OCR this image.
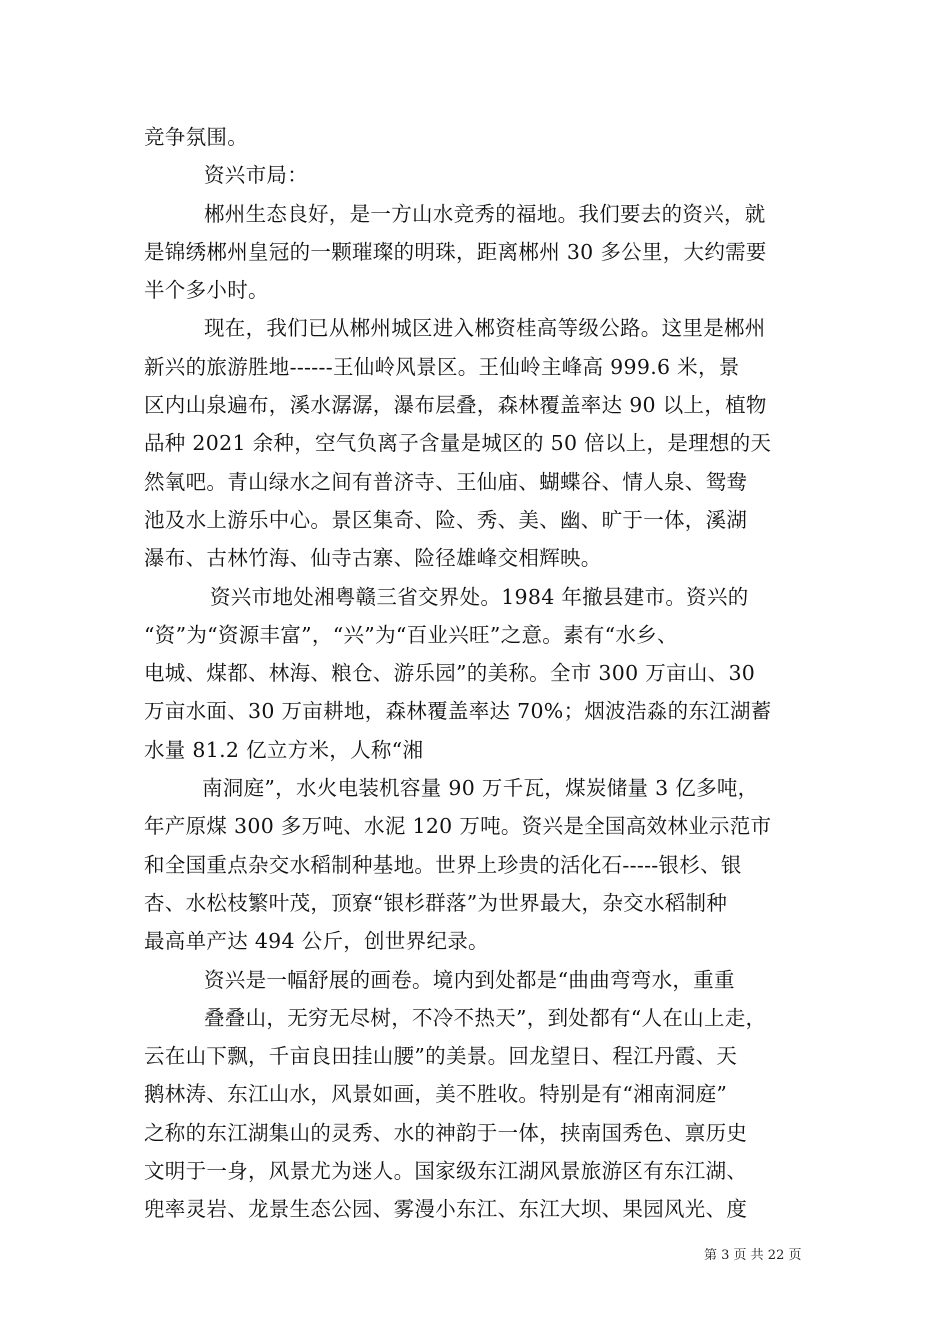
竞争氛围。
资兴市局：
郴州生态良好，是一方山水竞秀的福地。我们要去的资兴，就
是锦绣郴州皇冠的一颗璀璨的明珠，距离郴州 30 多公里，大约需要
半个多小时。
现在，我们已从郴州城区进入郴资桂高等级公路。这里是郴州
新兴的旅游胜地------王仙岭风景区。王仙岭主峰高 999.6 米，景
区内山泉遍布，溪水潺潺，瀑布层叠，森林覆盖率达 90 以上，植物
品种 2021 余种，空气负离子含量是城区的 50 倍以上，是理想的天
然氧吧。青山绿水之间有普济寺、王仙庙、蝴蝶谷、情人泉、鸳鸯
池及水上游乐中心。景区集奇、险、秀、美、幽、旷于一体，溪湖
瀑布、古林竹海、仙寺古寨、险径雄峰交相辉映。
资兴市地处湘粤赣三省交界处。1984 年撤县建市。资兴的
“资”为“资源丰富”，“兴”为“百业兴旺”之意。素有“水乡、
电城、煤都、林海、粮仓、游乐园”的美称。全市 300 万亩山、30
万亩水面、30 万亩耕地，森林覆盖率达 70%；烟波浩淼的东江湖蓄
水量 81.2 亿立方米，人称“湘
南洞庭”，水火电装机容量 90 万千瓦，煤炭储量 3 亿多吨，
年产原煤 300 多万吨、水泥 120 万吨。资兴是全国高效林业示范市
和全国重点杂交水稻制种基地。世界上珍贵的活化石-----银杉、银
杏、水松枝繁叶茂，顶寮“银杉群落”为世界最大，杂交水稻制种
最高单产达 494 公斤，创世界纪录。
资兴是一幅舒展的画卷。境内到处都是“曲曲弯弯水，重重
叠叠山，无穷无尽树，不冷不热天”，到处都有“人在山上走，
云在山下飘，千亩良田挂山腰”的美景。回龙望日、程江丹霞、天
鹅林涛、东江山水，风景如画，美不胜收。特别是有“湘南洞庭”
之称的东江湖集山的灵秀、水的神韵于一体，挟南国秀色、禀历史
文明于一身，风景尤为迷人。国家级东江湖风景旅游区有东江湖、
兜率灵岩、龙景生态公园、雾漫小东江、东江大坝、果园风光、度
第 3 页 共 22 页
